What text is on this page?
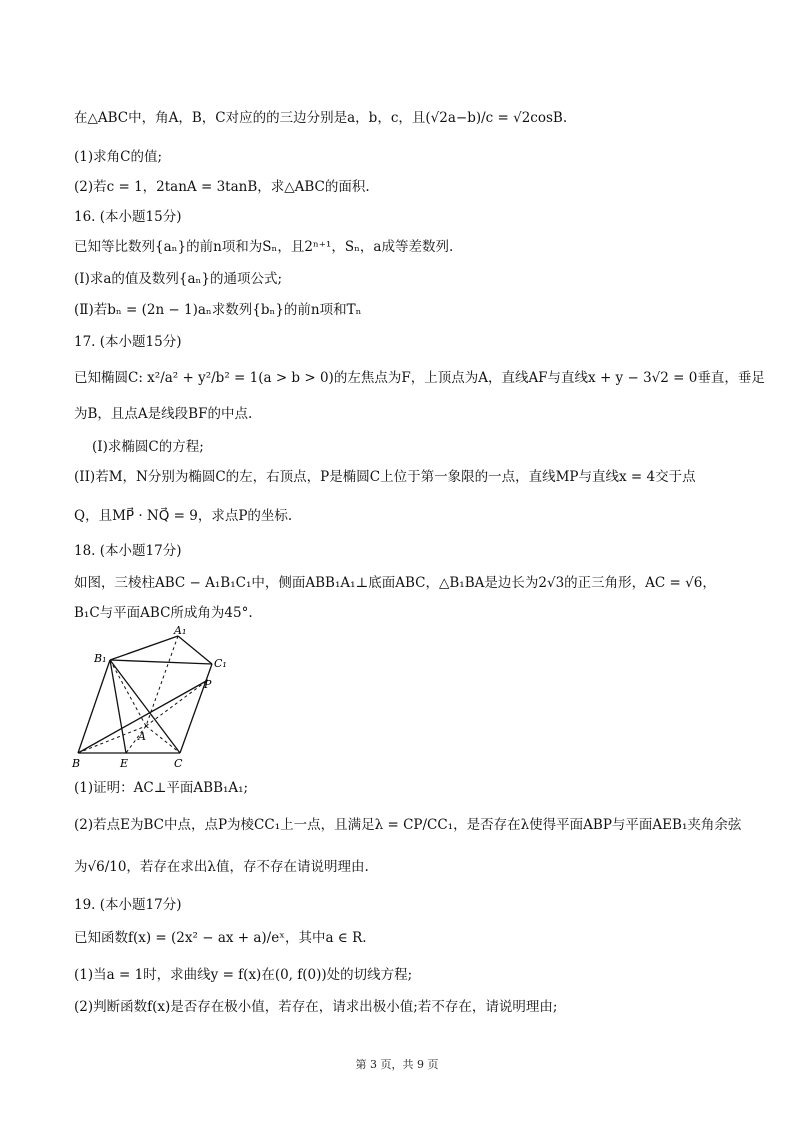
在△ABC中，角A，B，C对应的的三边分别是a，b，c，且(√2a−b)/c = √2cosB.
(1)求角C的值;
(2)若c = 1，2tanA = 3tanB，求△ABC的面积.
16. (本小题15分)
已知等比数列{aₙ}的前n项和为Sₙ，且2ⁿ⁺¹，Sₙ，a成等差数列.
(Ⅰ)求a的值及数列{aₙ}的通项公式;
(Ⅱ)若bₙ = (2n − 1)aₙ求数列{bₙ}的前n项和Tₙ
17. (本小题15分)
已知椭圆C: x²/a² + y²/b² = 1(a > b > 0)的左焦点为F，上顶点为A，直线AF与直线x + y − 3√2 = 0垂直，垂足
为B，且点A是线段BF的中点.
(I)求椭圆C的方程;
(II)若M，N分别为椭圆C的左，右顶点，P是椭圆C上位于第一象限的一点，直线MP与直线x = 4交于点
Q，且MP⃗ · NQ⃗ = 9，求点P的坐标.
18. (本小题17分)
如图，三棱柱ABC − A₁B₁C₁中，侧面ABB₁A₁⊥底面ABC，△B₁BA是边长为2√3的正三角形，AC = √6，
B₁C与平面ABC所成角为45°.
A₁
B₁	C₁
P
A
B	E	C
(1)证明：AC⊥平面ABB₁A₁;
(2)若点E为BC中点，点P为棱CC₁上一点，且满足λ = CP/CC₁，是否存在λ使得平面ABP与平面AEB₁夹角余弦
为√6/10，若存在求出λ值，存不存在请说明理由.
19. (本小题17分)
已知函数f(x) = (2x² − ax + a)/eˣ，其中a ∈ R.
(1)当a = 1时，求曲线y = f(x)在(0, f(0))处的切线方程;
(2)判断函数f(x)是否存在极小值，若存在，请求出极小值;若不存在，请说明理由;
第 3 页，共 9 页
